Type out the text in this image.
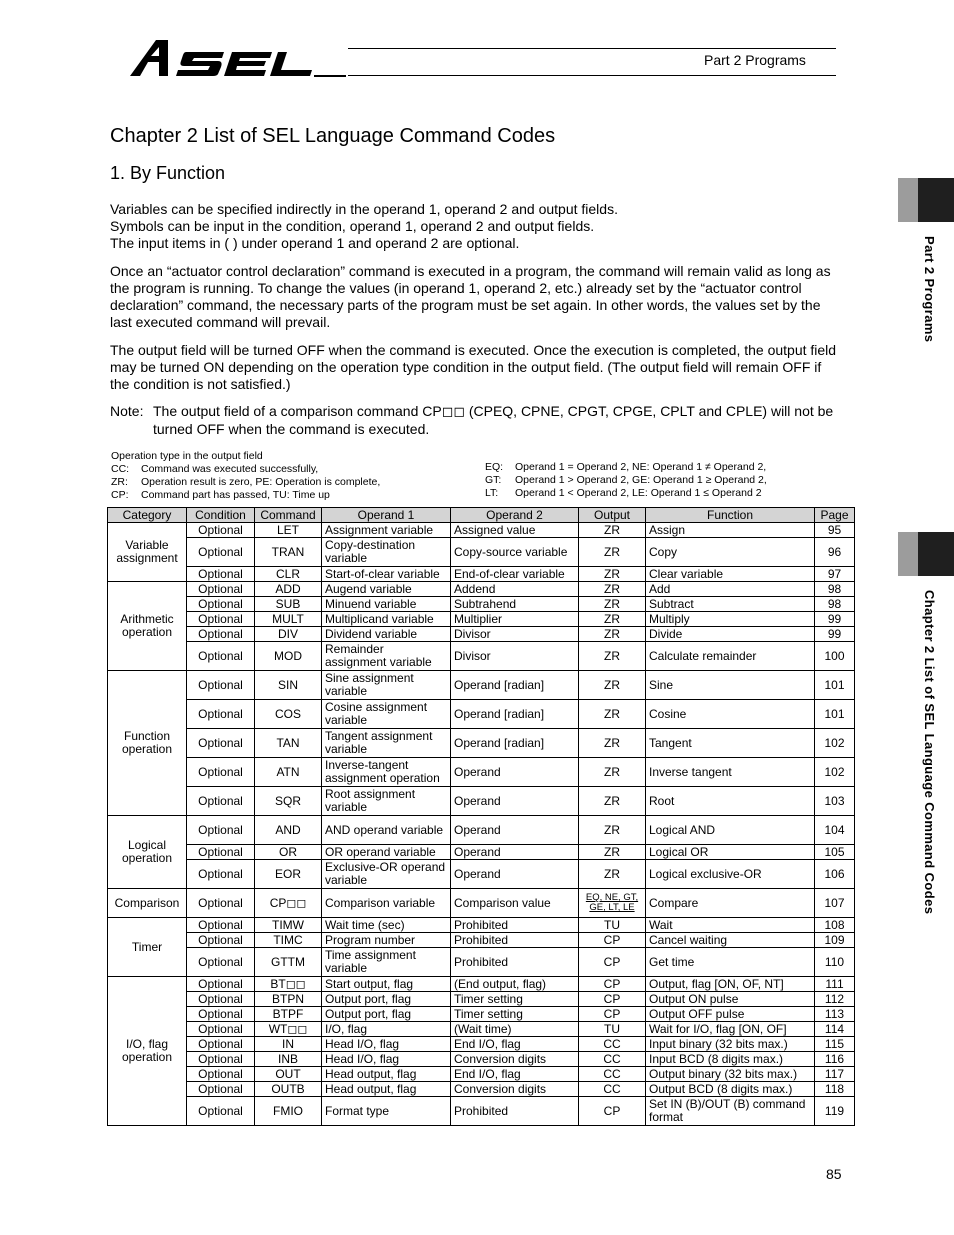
Part 2 Programs
Part 2 Programs
Chapter 2 List of SEL Language Command Codes
Chapter 2 List of SEL Language Command Codes
1. By Function

Variables can be specified indirectly in the operand 1, operand 2 and output fields.

Symbols can be input in the condition, operand 1, operand 2 and output fields.

The input items in ( ) under operand 1 and operand 2 are optional.

Once an “actuator control declaration” command is executed in a program, the command will remain valid as long as the program is running. To change the values (in operand 1, operand 2, etc.) already set by the “actuator control declaration” command, the necessary parts of the program must be set again. In other words, the values set by the last executed command will prevail.

The output field will be turned OFF when the command is executed. Once the execution is completed, the output field may be turned ON depending on the operation type condition in the output field. (The output field will remain OFF if the condition is not satisfied.)

Note: The output field of a comparison command CP◻◻ (CPEQ, CPNE, CPGT, CPGE, CPLT and CPLE) will not be turned OFF when the command is executed.
Operation type in the output field
CC: Command was executed successfully,
ZR: Operation result is zero, PE: Operation is complete,
CP: Command part has passed, TU: Time up
EQ: Operand 1 = Operand 2, NE: Operand 1 ≠ Operand 2,
GT: Operand 1 > Operand 2, GE: Operand 1 ≥ Operand 2,
LT: Operand 1 < Operand 2, LE: Operand 1 ≤ Operand 2
Category	Condition	Command	Operand 1	Operand 2	Output	Function	Page
Variable assignment	Optional	LET	Assignment variable	Assigned value	ZR	Assign	95
	Optional	TRAN	Copy-destination variable	Copy-source variable	ZR	Copy	96
	Optional	CLR	Start-of-clear variable	End-of-clear variable	ZR	Clear variable	97
Arithmetic operation	Optional	ADD	Augend variable	Addend	ZR	Add	98
	Optional	SUB	Minuend variable	Subtrahend	ZR	Subtract	98
	Optional	MULT	Multiplicand variable	Multiplier	ZR	Multiply	99
	Optional	DIV	Dividend variable	Divisor	ZR	Divide	99
	Optional	MOD	Remainder assignment variable	Divisor	ZR	Calculate remainder	100
Function operation	Optional	SIN	Sine assignment variable	Operand [radian]	ZR	Sine	101
	Optional	COS	Cosine assignment variable	Operand [radian]	ZR	Cosine	101
	Optional	TAN	Tangent assignment variable	Operand [radian]	ZR	Tangent	102
	Optional	ATN	Inverse-tangent assignment operation	Operand	ZR	Inverse tangent	102
	Optional	SQR	Root assignment variable	Operand	ZR	Root	103
Logical operation	Optional	AND	AND operand variable	Operand	ZR	Logical AND	104
	Optional	OR	OR operand variable	Operand	ZR	Logical OR	105
	Optional	EOR	Exclusive-OR operand variable	Operand	ZR	Logical exclusive-OR	106
Comparison	Optional	CP◻◻	Comparison variable	Comparison value	EQ, NE, GT, GE, LT, LE	Compare	107
Timer	Optional	TIMW	Wait time (sec)	Prohibited	TU	Wait	108
	Optional	TIMC	Program number	Prohibited	CP	Cancel waiting	109
	Optional	GTTM	Time assignment variable	Prohibited	CP	Get time	110
I/O, flag operation	Optional	BT◻◻	Start output, flag	(End output, flag)	CP	Output, flag [ON, OF, NT]	111
	Optional	BTPN	Output port, flag	Timer setting	CP	Output ON pulse	112
	Optional	BTPF	Output port, flag	Timer setting	CP	Output OFF pulse	113
	Optional	WT◻◻	I/O, flag	(Wait time)	TU	Wait for I/O, flag [ON, OF]	114
	Optional	IN	Head I/O, flag	End I/O, flag	CC	Input binary (32 bits max.)	115
	Optional	INB	Head I/O, flag	Conversion digits	CC	Input BCD (8 digits max.)	116
	Optional	OUT	Head output, flag	End I/O, flag	CC	Output binary (32 bits max.)	117
	Optional	OUTB	Head output, flag	Conversion digits	CC	Output BCD (8 digits max.)	118
	Optional	FMIO	Format type	Prohibited	CP	Set IN (B)/OUT (B) command format	119
85
